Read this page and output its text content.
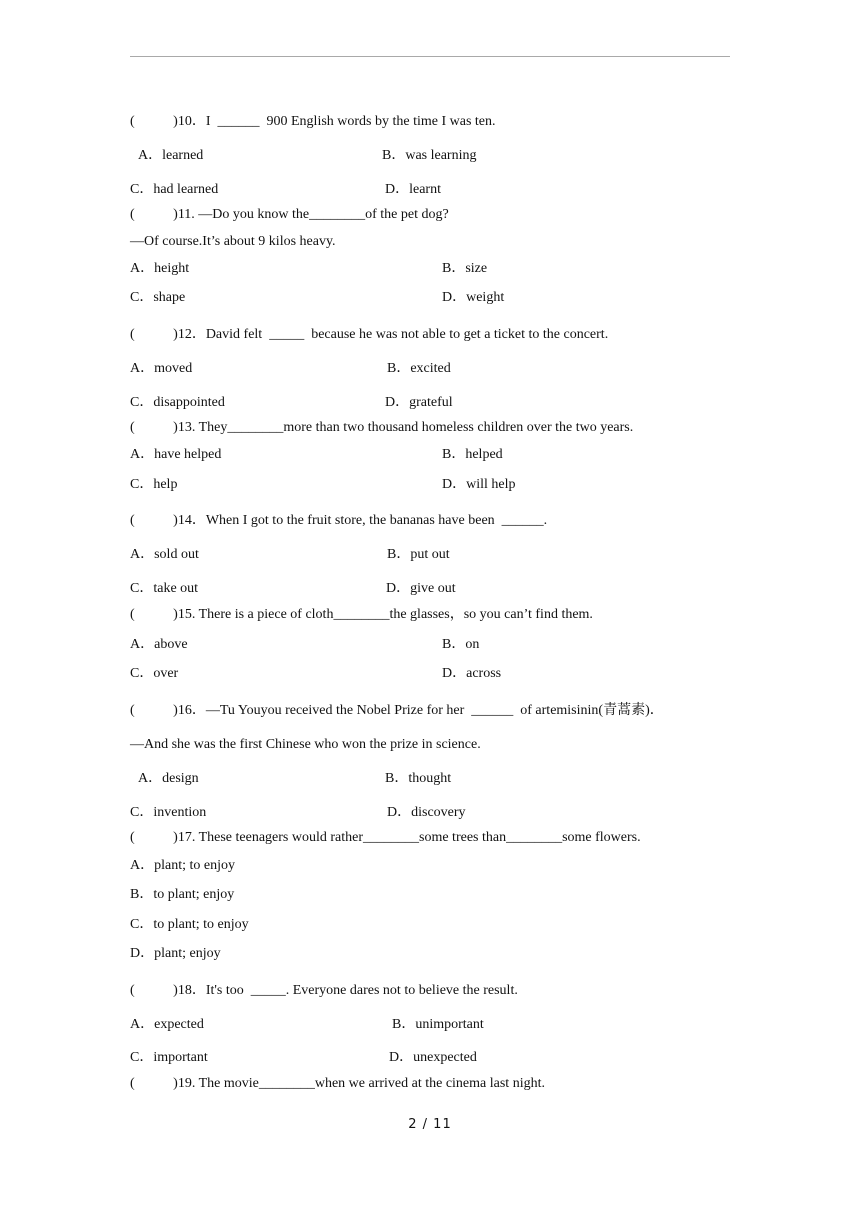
(           )10．I  ______  900 English words by the time I was ten.
A．learned	B．was learning
C．had learned	D．learnt
(           )11. —Do you know the________of the pet dog?
—Of course.It’s about 9 kilos heavy.
A．height	B．size
C．shape	D．weight
(           )12．David felt  _____  because he was not able to get a ticket to the concert.
A．moved	B．excited
C．disappointed	D．grateful
(           )13. They________more than two thousand homeless children over the two years.
A．have helped	B．helped
C．help	D．will help
(           )14．When I got to the fruit store, the bananas have been  ______.
A．sold out	B．put out
C．take out	D．give out
(           )15. There is a piece of cloth________the glasses，so you can’t find them.
A．above	B．on
C．over	D．across
(           )16．—Tu Youyou received the Nobel Prize for her  ______  of artemisinin(青蒿素)．
—And she was the first Chinese who won the prize in science.
A．design	B．thought
C．invention	D．discovery
(           )17. These teenagers would rather________some trees than________some flowers.
A．plant; to enjoy
B．to plant; enjoy
C．to plant; to enjoy
D．plant; enjoy
(           )18．It's too  _____. Everyone dares not to believe the result.
A．expected	B．unimportant
C．important	D．unexpected
(           )19. The movie________when we arrived at the cinema last night.
2 / 11
